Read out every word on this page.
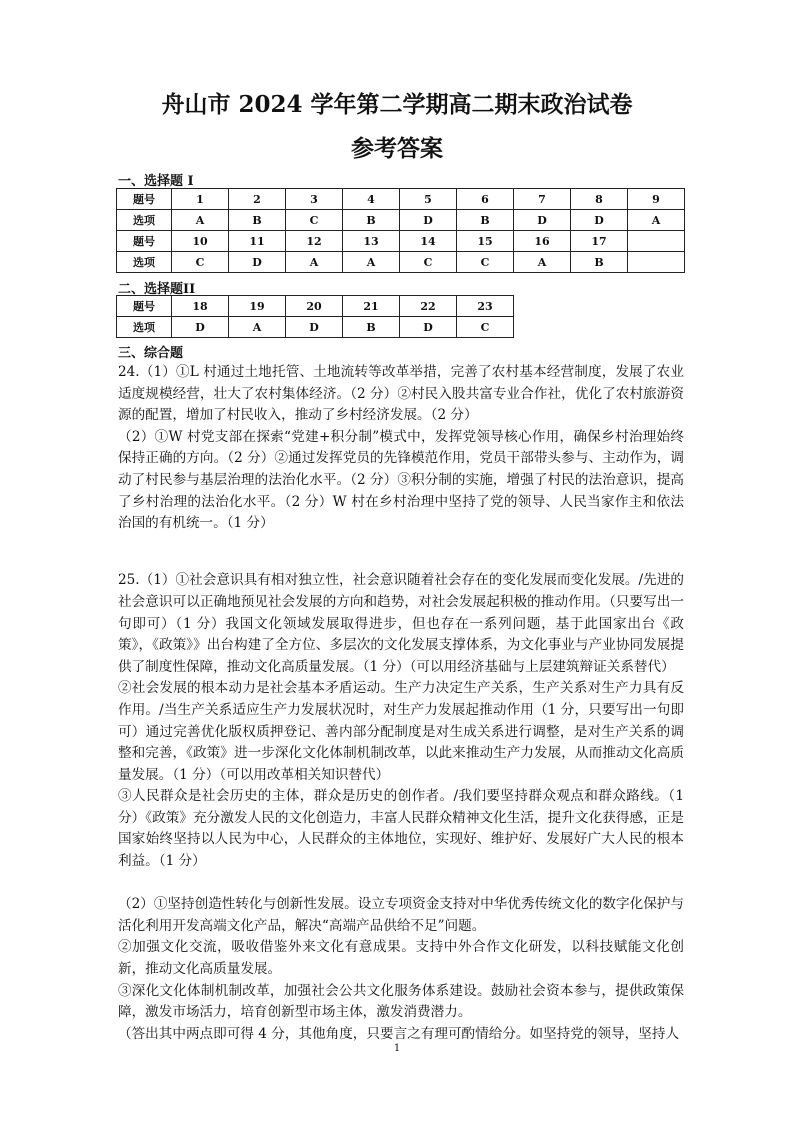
舟山市 2024 学年第二学期高二期末政治试卷
参考答案
一、选择题 I
题号	1	2	3	4	5	6	7	8	9
选项	A	B	C	B	D	B	D	D	A
题号	10	11	12	13	14	15	16	17	
选项	C	D	A	A	C	C	A	B	
二、选择题II
题号	18	19	20	21	22	23
选项	D	A	D	B	D	C
三、综合题

24.（1）①L 村通过土地托管、土地流转等改革举措，完善了农村基本经营制度，发展了农业适度规模经营，壮大了农村集体经济。（2 分）②村民入股共富专业合作社，优化了农村旅游资源的配置，增加了村民收入，推动了乡村经济发展。（2 分）

（2）①W 村党支部在探索“党建+积分制”模式中，发挥党领导核心作用，确保乡村治理始终保持正确的方向。（2 分）②通过发挥党员的先锋模范作用，党员干部带头参与、主动作为，调动了村民参与基层治理的法治化水平。（2 分）③积分制的实施，增强了村民的法治意识，提高了乡村治理的法治化水平。（2 分）W 村在乡村治理中坚持了党的领导、人民当家作主和依法治国的有机统一。（1 分）

25.（1）①社会意识具有相对独立性，社会意识随着社会存在的变化发展而变化发展。/先进的社会意识可以正确地预见社会发展的方向和趋势，对社会发展起积极的推动作用。（只要写出一句即可）（1 分）我国文化领域发展取得进步，但也存在一系列问题，基于此国家出台《政策》，《政策》》出台构建了全方位、多层次的文化发展支撑体系，为文化事业与产业协同发展提供了制度性保障，推动文化高质量发展。（1 分）（可以用经济基础与上层建筑辩证关系替代）

②社会发展的根本动力是社会基本矛盾运动。生产力决定生产关系，生产关系对生产力具有反作用。/当生产关系适应生产力发展状况时，对生产力发展起推动作用（1 分，只要写出一句即可）通过完善优化版权质押登记、善内部分配制度是对生成关系进行调整，是对生产关系的调整和完善，《政策》进一步深化文化体制机制改革，以此来推动生产力发展，从而推动文化高质量发展。（1 分）（可以用改革相关知识替代）

③人民群众是社会历史的主体，群众是历史的创作者。/我们要坚持群众观点和群众路线。（1 分）《政策》充分激发人民的文化创造力，丰富人民群众精神文化生活，提升文化获得感，正是国家始终坚持以人民为中心，人民群众的主体地位，实现好、维护好、发展好广大人民的根本利益。（1 分）

（2）①坚持创造性转化与创新性发展。设立专项资金支持对中华优秀传统文化的数字化保护与活化利用开发高端文化产品，解决“高端产品供给不足”问题。

②加强文化交流，吸收借鉴外来文化有意成果。支持中外合作文化研发，以科技赋能文化创新，推动文化高质量发展。

③深化文化体制机制改革，加强社会公共文化服务体系建设。鼓励社会资本参与，提供政策保障，激发市场活力，培育创新型市场主体，激发消费潜力。

（答出其中两点即可得 4 分，其他角度，只要言之有理可酌情给分。如坚持党的领导，坚持人

1
